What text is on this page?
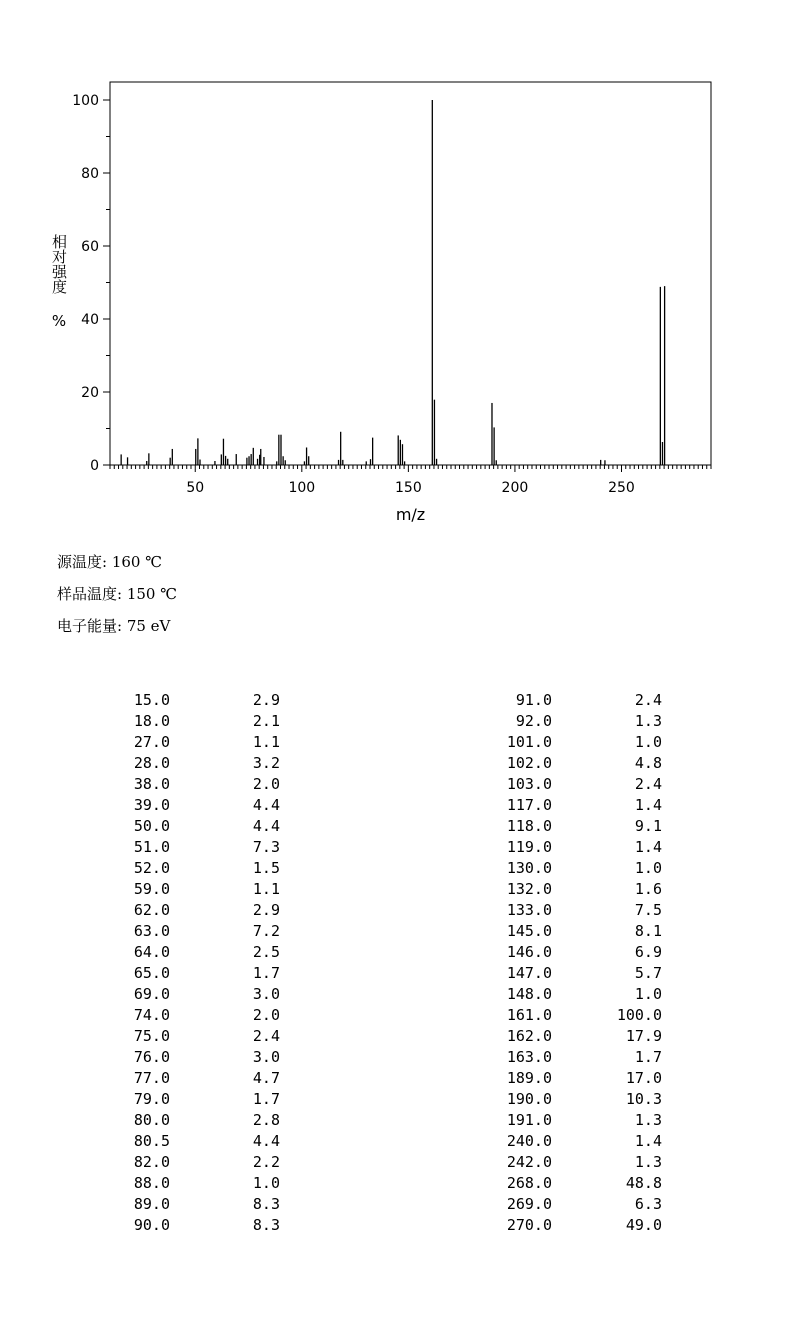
50	100	150	200	250
0
20
40
60
80
100
m/z
相对强度 %
源温度: 160 ℃
样品温度: 150 ℃
电子能量: 75 eV
15.0	2.9
18.0	2.1
27.0	1.1
28.0	3.2
38.0	2.0
39.0	4.4
50.0	4.4
51.0	7.3
52.0	1.5
59.0	1.1
62.0	2.9
63.0	7.2
64.0	2.5
65.0	1.7
69.0	3.0
74.0	2.0
75.0	2.4
76.0	3.0
77.0	4.7
79.0	1.7
80.0	2.8
80.5	4.4
82.0	2.2
88.0	1.0
89.0	8.3
90.0	8.3
91.0	2.4
92.0	1.3
101.0	1.0
102.0	4.8
103.0	2.4
117.0	1.4
118.0	9.1
119.0	1.4
130.0	1.0
132.0	1.6
133.0	7.5
145.0	8.1
146.0	6.9
147.0	5.7
148.0	1.0
161.0	100.0
162.0	17.9
163.0	1.7
189.0	17.0
190.0	10.3
191.0	1.3
240.0	1.4
242.0	1.3
268.0	48.8
269.0	6.3
270.0	49.0
